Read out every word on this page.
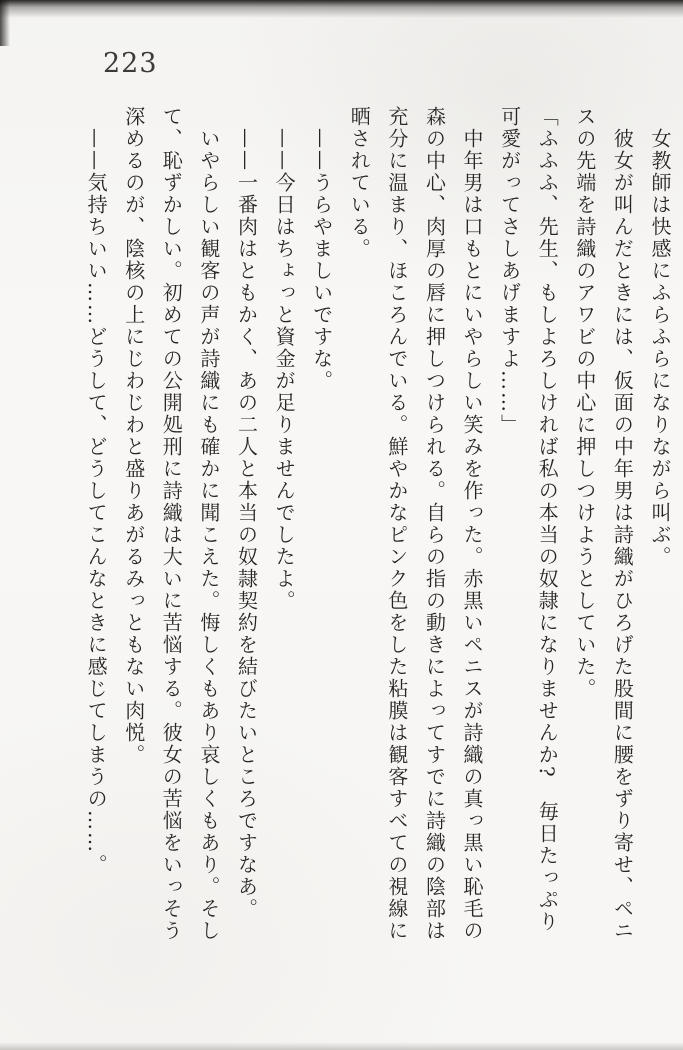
223

女教師は快感にふらふらになりながら叫ぶ。

彼女が叫んだときには、仮面の中年男は詩織がひろげた股間に腰をずり寄せ、ペニ

スの先端を詩織のアワビの中心に押しつけようとしていた。

「ふふふ、先生、もしよろしければ私の本当の奴隷になりませんか?　毎日たっぷり

可愛がってさしあげますよ……」

中年男は口もとにいやらしい笑みを作った。赤黒いペニスが詩織の真っ黒い恥毛の

森の中心、肉厚の唇に押しつけられる。自らの指の動きによってすでに詩織の陰部は

充分に温まり、ほころんでいる。鮮やかなピンク色をした粘膜は観客すべての視線に

晒されている。

——うらやましいですな。

——今日はちょっと資金が足りませんでしたよ。

——一番肉はともかく、あの二人と本当の奴隷契約を結びたいところですなあ。

いやらしい観客の声が詩織にも確かに聞こえた。悔しくもあり哀しくもあり。そし

て、恥ずかしい。初めての公開処刑に詩織は大いに苦悩する。彼女の苦悩をいっそう

深めるのが、陰核の上にじわじわと盛りあがるみっともない肉悦。

——気持ちいい……どうして、どうしてこんなときに感じてしまうの……。
